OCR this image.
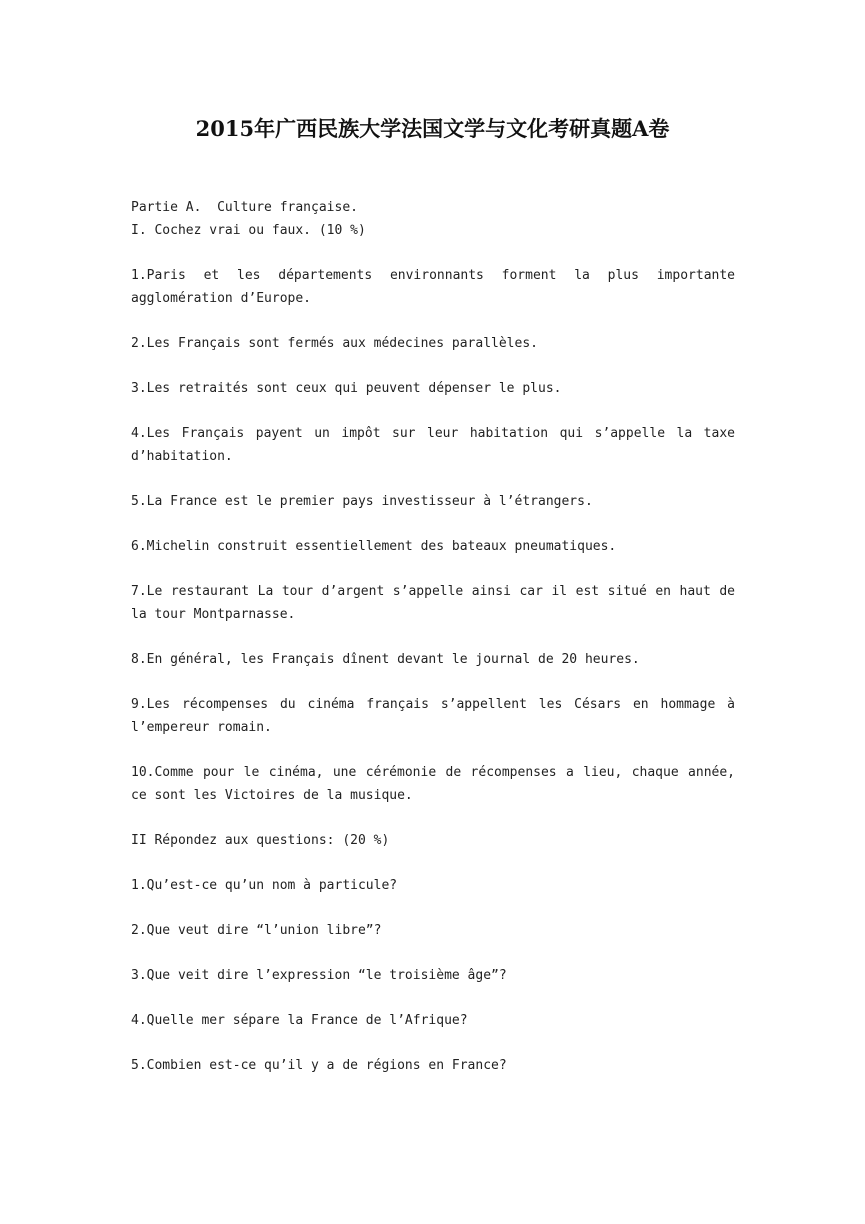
2015年广西民族大学法国文学与文化考研真题A卷
Partie A.  Culture française.
I. Cochez vrai ou faux. (10 %)
1.Paris et les départements environnants forment la plus importante agglomération d’Europe.
2.Les Français sont fermés aux médecines parallèles.
3.Les retraités sont ceux qui peuvent dépenser le plus.
4.Les Français payent un impôt sur leur habitation qui s’appelle la taxe d’habitation.
5.La France est le premier pays investisseur à l’étrangers.
6.Michelin construit essentiellement des bateaux pneumatiques.
7.Le restaurant La tour d’argent s’appelle ainsi car il est situé en haut de la tour Montparnasse.
8.En général, les Français dînent devant le journal de 20 heures.
9.Les récompenses du cinéma français s’appellent les Césars en hommage à l’empereur romain.
10.Comme pour le cinéma, une cérémonie de récompenses a lieu, chaque année, ce sont les Victoires de la musique.
II Répondez aux questions: (20 %)
1.Qu’est-ce qu’un nom à particule?
2.Que veut dire “l’union libre”?
3.Que veit dire l’expression “le troisième âge”?
4.Quelle mer sépare la France de l’Afrique?
5.Combien est-ce qu’il y a de régions en France?
